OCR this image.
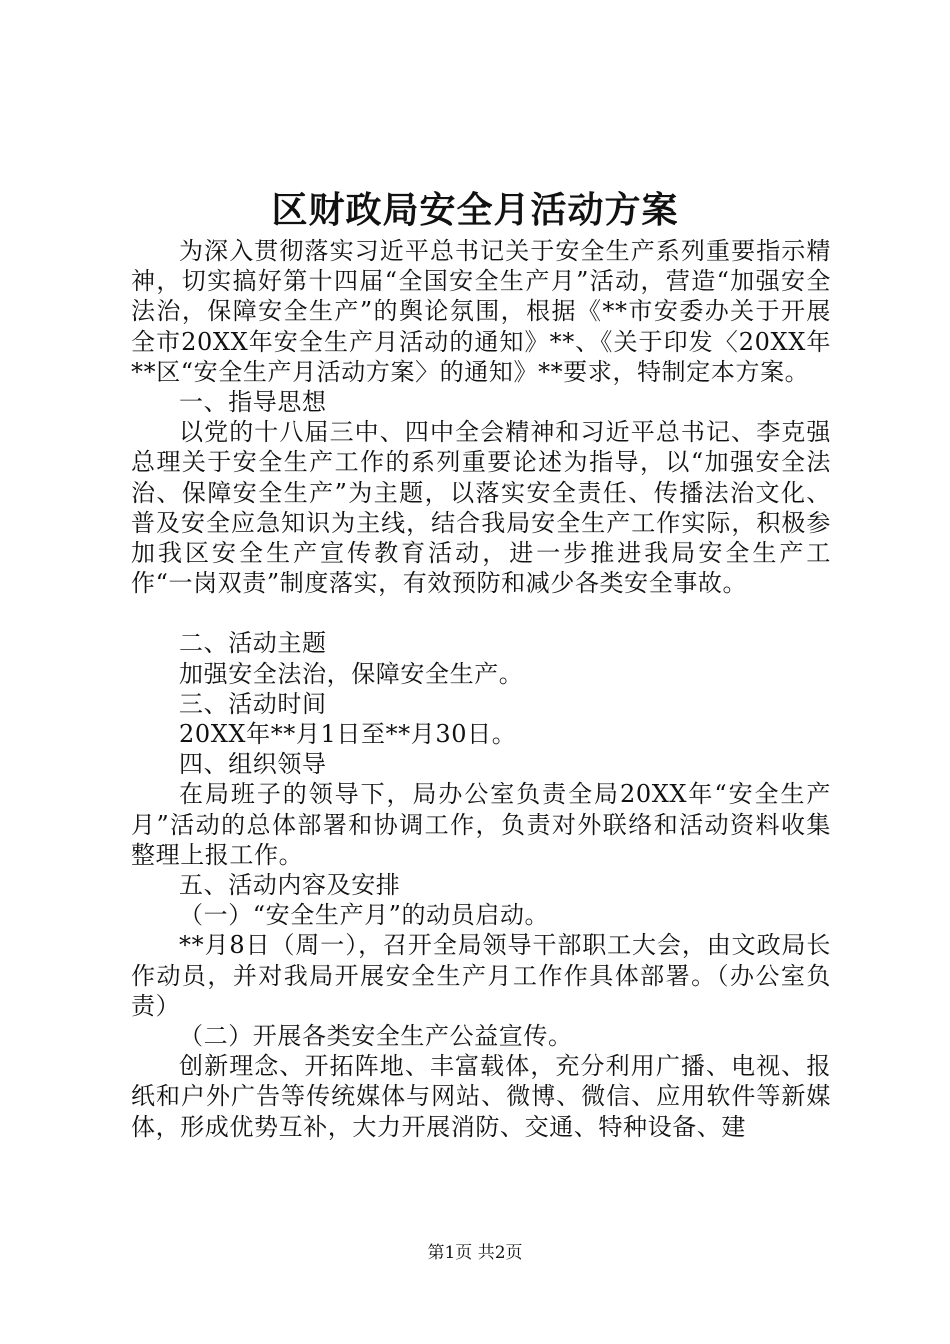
区财政局安全月活动方案

为深入贯彻落实习近平总书记关于安全生产系列重要指示精神，切实搞好第十四届“全国安全生产月”活动，营造“加强安全法治，保障安全生产”的舆论氛围，根据《**市安委办关于开展全市20XX年安全生产月活动的通知》**、《关于印发〈20XX年**区“安全生产月活动方案〉的通知》**要求，特制定本方案。

一、指导思想

以党的十八届三中、四中全会精神和习近平总书记、李克强总理关于安全生产工作的系列重要论述为指导，以“加强安全法治、保障安全生产”为主题，以落实安全责任、传播法治文化、普及安全应急知识为主线，结合我局安全生产工作实际，积极参加我区安全生产宣传教育活动，进一步推进我局安全生产工作“一岗双责”制度落实，有效预防和减少各类安全事故。

二、活动主题

加强安全法治，保障安全生产。

三、活动时间

20XX年**月1日至**月30日。

四、组织领导

在局班子的领导下，局办公室负责全局20XX年“安全生产月”活动的总体部署和协调工作，负责对外联络和活动资料收集整理上报工作。

五、活动内容及安排

（一）“安全生产月”的动员启动。

**月8日（周一），召开全局领导干部职工大会，由文政局长作动员，并对我局开展安全生产月工作作具体部署。（办公室负责）

（二）开展各类安全生产公益宣传。

创新理念、开拓阵地、丰富载体，充分利用广播、电视、报纸和户外广告等传统媒体与网站、微博、微信、应用软件等新媒体，形成优势互补，大力开展消防、交通、特种设备、建

第1页 共2页
